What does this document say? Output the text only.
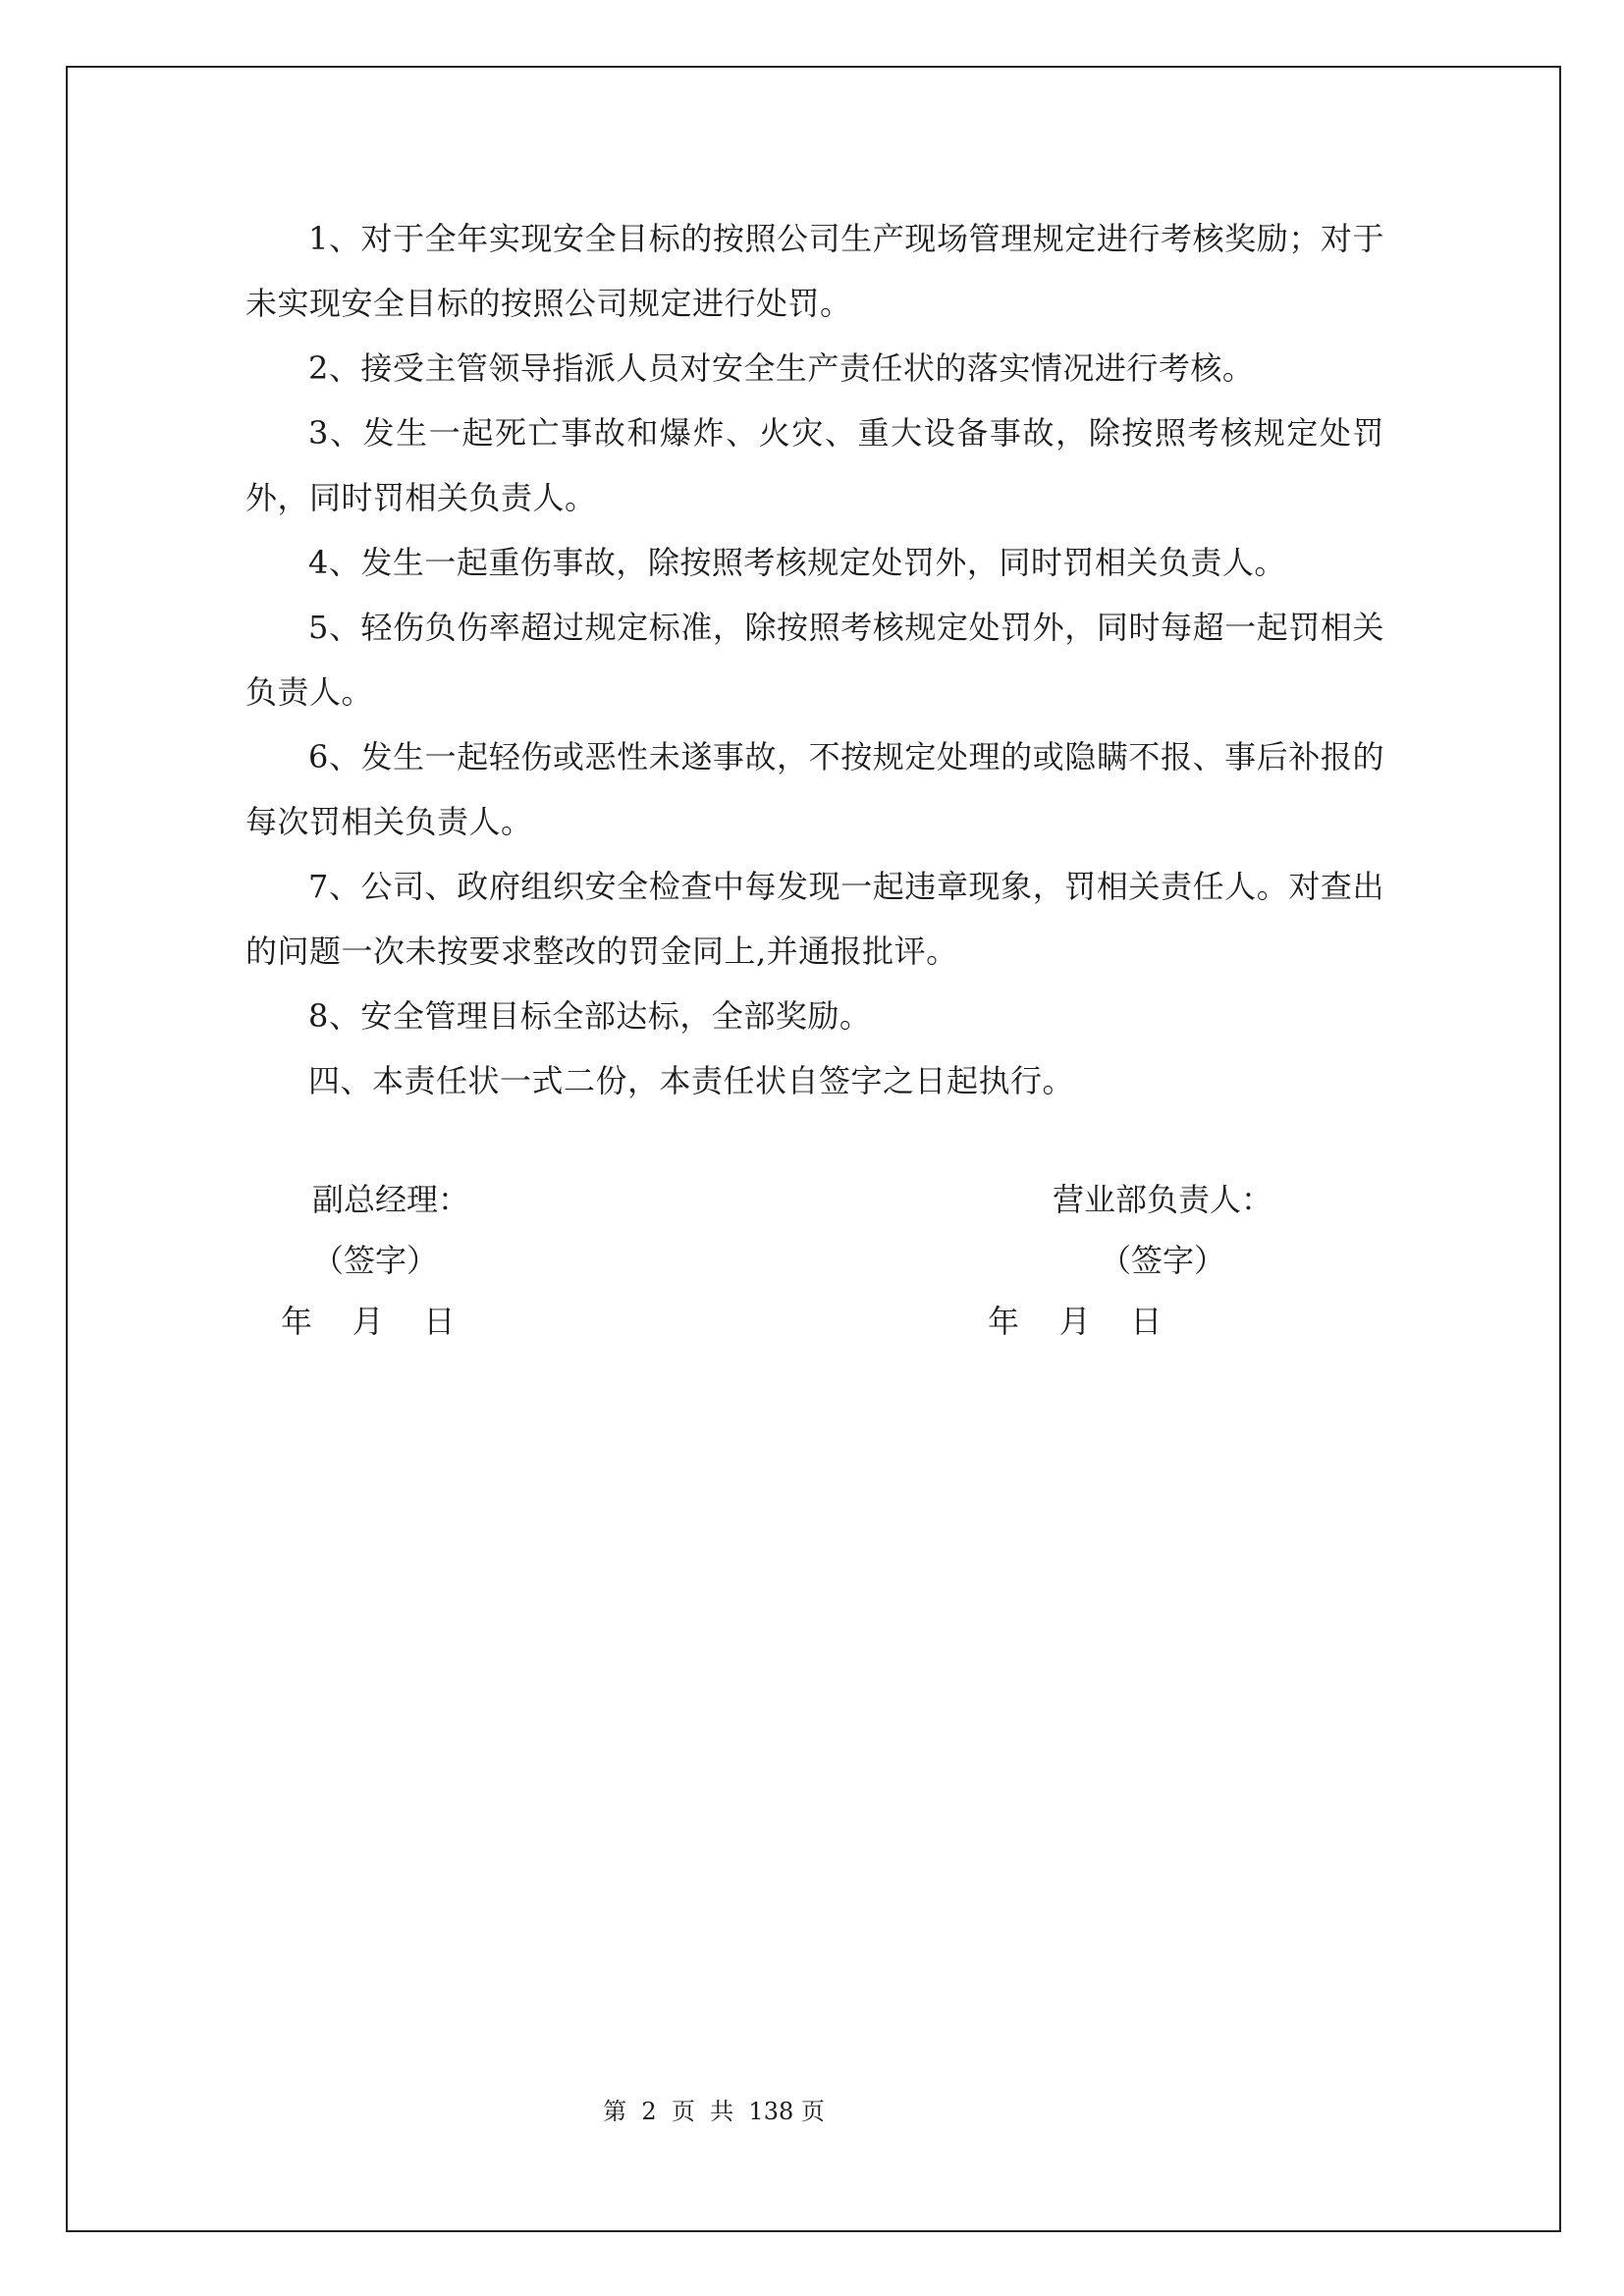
1、对于全年实现安全目标的按照公司生产现场管理规定进行考核奖励；对于未实现安全目标的按照公司规定进行处罚。

2、接受主管领导指派人员对安全生产责任状的落实情况进行考核。

3、发生一起死亡事故和爆炸、火灾、重大设备事故，除按照考核规定处罚外，同时罚相关负责人。

4、发生一起重伤事故，除按照考核规定处罚外，同时罚相关负责人。

5、轻伤负伤率超过规定标准，除按照考核规定处罚外，同时每超一起罚相关负责人。

6、发生一起轻伤或恶性未遂事故，不按规定处理的或隐瞒不报、事后补报的每次罚相关负责人。

7、公司、政府组织安全检查中每发现一起违章现象，罚相关责任人。对查出的问题一次未按要求整改的罚金同上,并通报批评。

8、安全管理目标全部达标，全部奖励。

四、本责任状一式二份，本责任状自签字之日起执行。

副总经理：
（签字）
年    月    日
营业部负责人：
（签字）
年    月    日
第  2  页  共  138 页
